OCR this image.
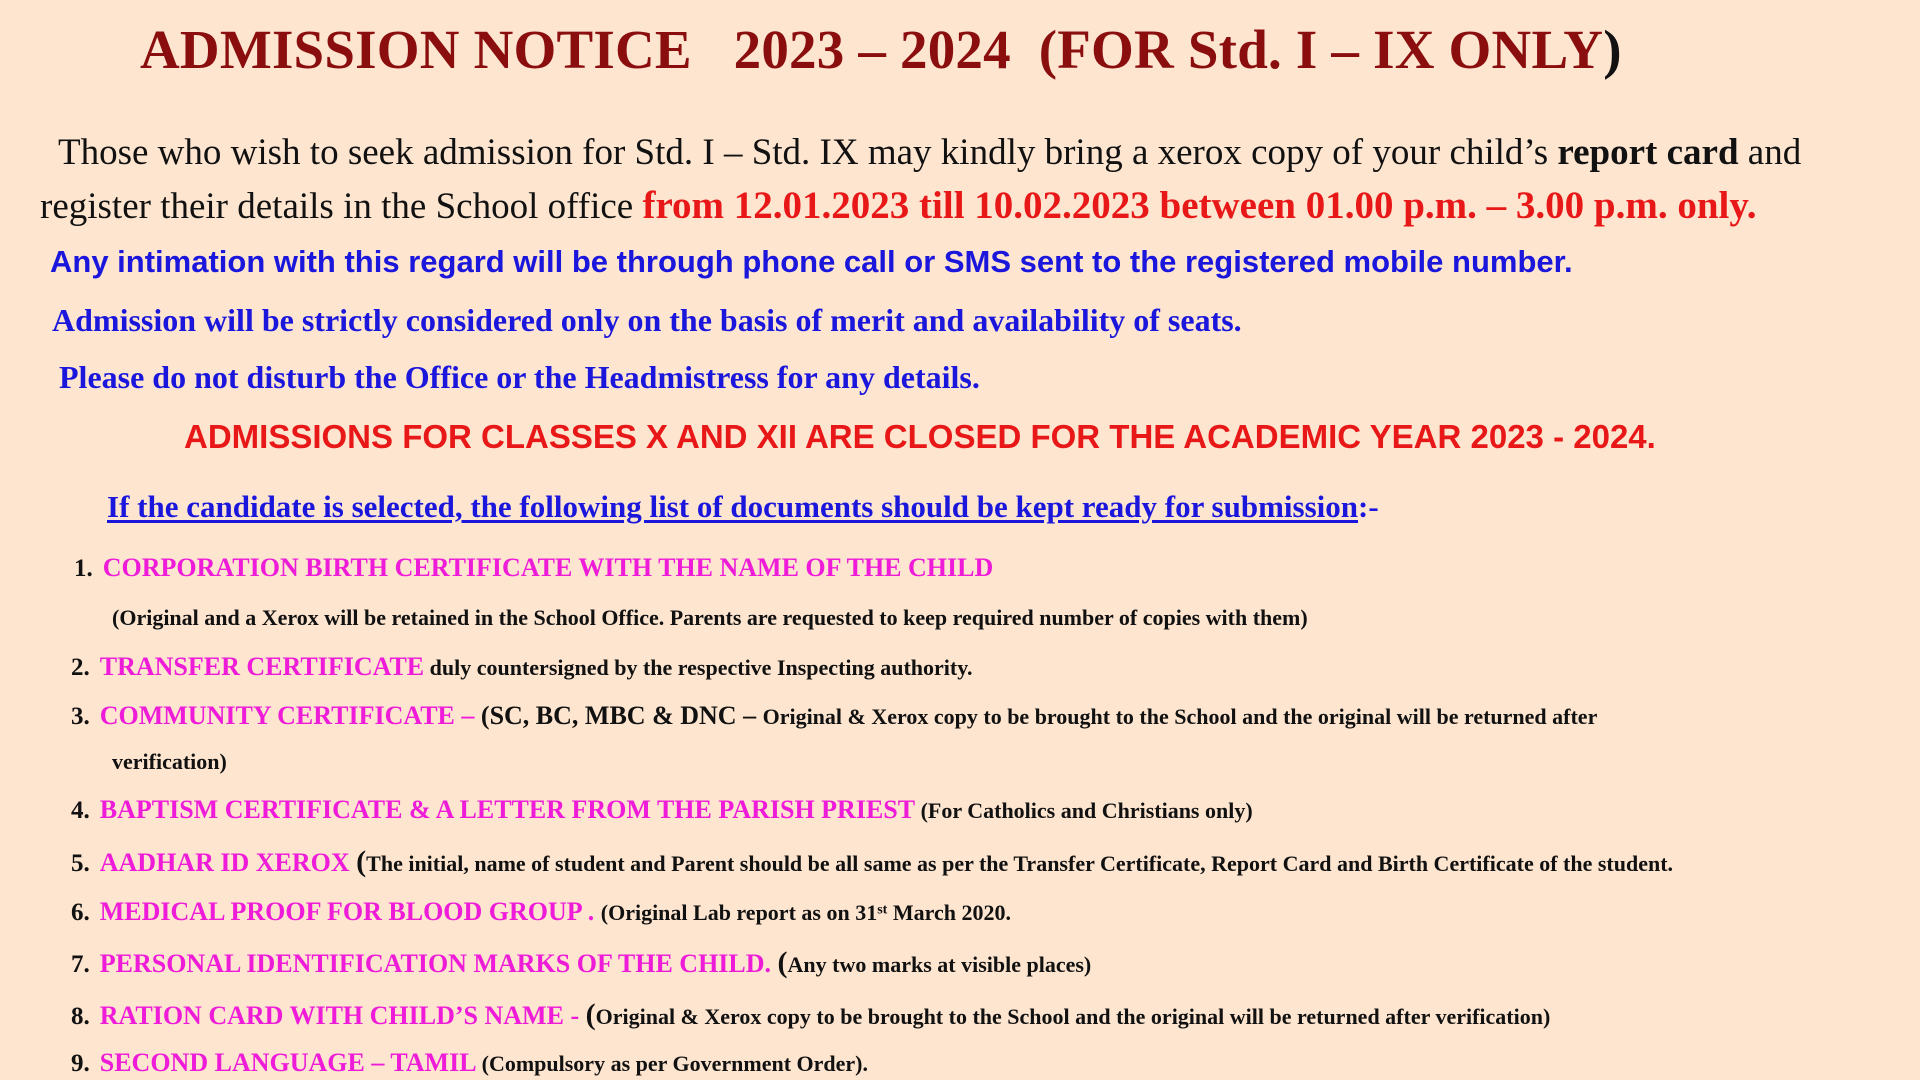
ADMISSION NOTICE   2023 – 2024  (FOR Std. I – IX ONLY)
Those who wish to seek admission for Std. I – Std. IX may kindly bring a xerox copy of your child’s report card and register their details in the School office from 12.01.2023 till 10.02.2023 between 01.00 p.m. – 3.00 p.m. only.
Any intimation with this regard will be through phone call or SMS sent to the registered mobile number.
Admission will be strictly considered only on the basis of merit and availability of seats.
Please do not disturb the Office or the Headmistress for any details.
ADMISSIONS FOR CLASSES X AND XII ARE CLOSED FOR THE ACADEMIC YEAR 2023 - 2024.
If the candidate is selected, the following list of documents should be kept ready for submission:-
1. CORPORATION BIRTH CERTIFICATE WITH THE NAME OF THE CHILD
(Original and a Xerox will be retained in the School Office. Parents are requested to keep required number of copies with them)
2. TRANSFER CERTIFICATE duly countersigned by the respective Inspecting authority.
3. COMMUNITY CERTIFICATE – (SC, BC, MBC & DNC – Original & Xerox copy to be brought to the School and the original will be returned after
verification)
4. BAPTISM CERTIFICATE & A LETTER FROM THE PARISH PRIEST (For Catholics and Christians only)
5. AADHAR ID XEROX (The initial, name of student and Parent should be all same as per the Transfer Certificate, Report Card and Birth Certificate of the student.
6. MEDICAL PROOF FOR BLOOD GROUP . (Original Lab report as on 31st March 2020.
7. PERSONAL IDENTIFICATION MARKS OF THE CHILD. (Any two marks at visible places)
8. RATION CARD WITH CHILD’S NAME - (Original & Xerox copy to be brought to the School and the original will be returned after verification)
9. SECOND LANGUAGE – TAMIL (Compulsory as per Government Order).
